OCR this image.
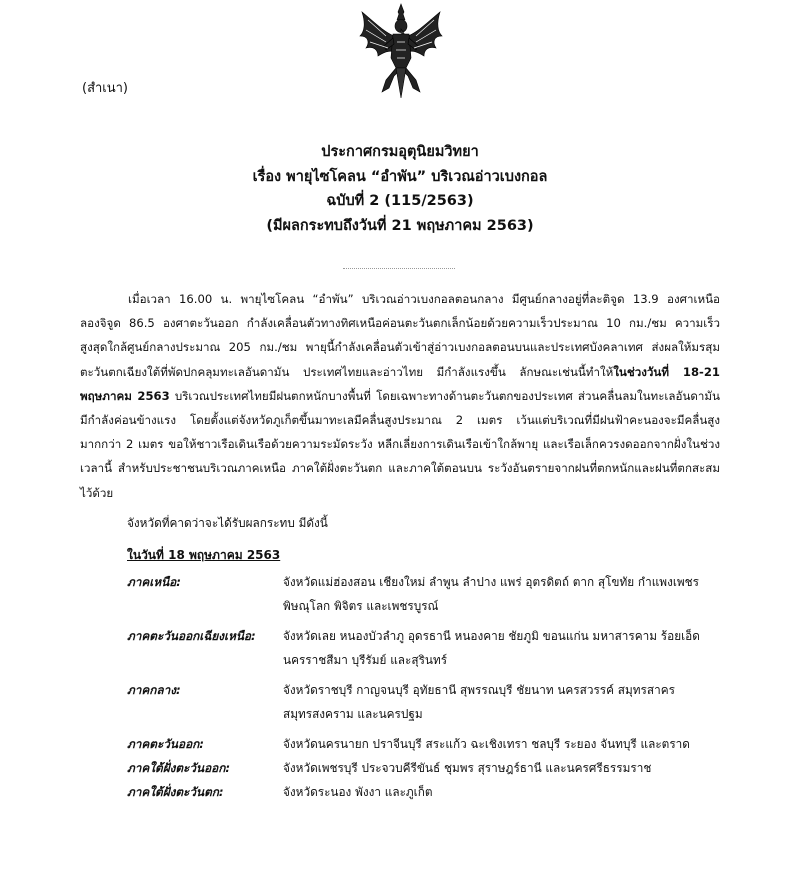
(สำเนา)
ประกาศกรมอุตุนิยมวิทยา
เรื่อง พายุไซโคลน “อำพัน” บริเวณอ่าวเบงกอล
ฉบับที่ 2 (115/2563)
(มีผลกระทบถึงวันที่ 21 พฤษภาคม 2563)
เมื่อเวลา 16.00 น. พายุไซโคลน “อำพัน” บริเวณอ่าวเบงกอลตอนกลาง มีศูนย์กลางอยู่ที่ละติจูด 13.9 องศาเหนือ ลองจิจูด 86.5 องศาตะวันออก กำลังเคลื่อนตัวทางทิศเหนือค่อนตะวันตกเล็กน้อยด้วยความเร็วประมาณ 10 กม./ชม ความเร็วสูงสุดใกล้ศูนย์กลางประมาณ 205 กม./ชม พายุนี้กำลังเคลื่อนตัวเข้าสู่อ่าวเบงกอลตอนบนและประเทศบังคลาเทศ ส่งผลให้มรสุมตะวันตกเฉียงใต้ที่พัดปกคลุมทะเลอันดามัน ประเทศไทยและอ่าวไทย มีกำลังแรงขึ้น ลักษณะเช่นนี้ทำให้ในช่วงวันที่ 18-21 พฤษภาคม 2563 บริเวณประเทศไทยมีฝนตกหนักบางพื้นที่ โดยเฉพาะทางด้านตะวันตกของประเทศ ส่วนคลื่นลมในทะเลอันดามันมีกำลังค่อนข้างแรง โดยตั้งแต่จังหวัดภูเก็ตขึ้นมาทะเลมีคลื่นสูงประมาณ 2 เมตร เว้นแต่บริเวณที่มีฝนฟ้าคะนองจะมีคลื่นสูงมากกว่า 2 เมตร ขอให้ชาวเรือเดินเรือด้วยความระมัดระวัง หลีกเลี่ยงการเดินเรือเข้าใกล้พายุ และเรือเล็กควรงดออกจากฝั่งในช่วงเวลานี้ สำหรับประชาชนบริเวณภาคเหนือ ภาคใต้ฝั่งตะวันตก และภาคใต้ตอนบน ระวังอันตรายจากฝนที่ตกหนักและฝนที่ตกสะสมไว้ด้วย
จังหวัดที่คาดว่าจะได้รับผลกระทบ มีดังนี้
ในวันที่ 18 พฤษภาคม 2563
ภาคเหนือ:	จังหวัดแม่ฮ่องสอน เชียงใหม่ ลำพูน ลำปาง แพร่ อุตรดิตถ์ ตาก สุโขทัย กำแพงเพชร พิษณุโลก พิจิตร และเพชรบูรณ์
ภาคตะวันออกเฉียงเหนือ:	จังหวัดเลย หนองบัวลำภู อุดรธานี หนองคาย ชัยภูมิ ขอนแก่น มหาสารคาม ร้อยเอ็ด นครราชสีมา บุรีรัมย์ และสุรินทร์
ภาคกลาง:	จังหวัดราชบุรี กาญจนบุรี อุทัยธานี สุพรรณบุรี ชัยนาท นครสวรรค์ สมุทรสาคร สมุทรสงคราม และนครปฐม
ภาคตะวันออก:	จังหวัดนครนายก ปราจีนบุรี สระแก้ว ฉะเชิงเทรา ชลบุรี ระยอง จันทบุรี และตราด
ภาคใต้ฝั่งตะวันออก:	จังหวัดเพชรบุรี ประจวบคีรีขันธ์ ชุมพร สุราษฎร์ธานี และนครศรีธรรมราช
ภาคใต้ฝั่งตะวันตก:	จังหวัดระนอง พังงา และภูเก็ต
